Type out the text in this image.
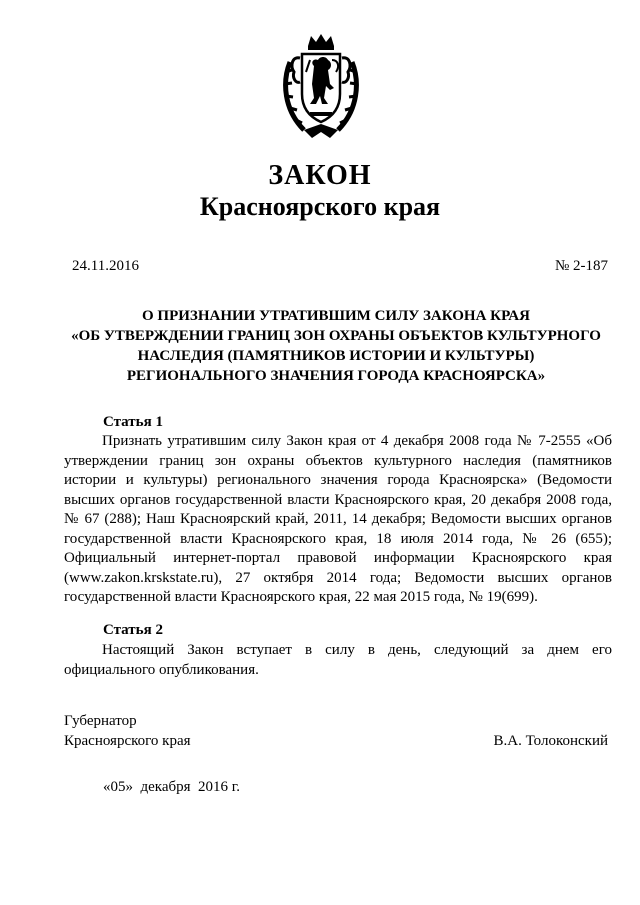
ЗАКОН
Красноярского края
24.11.2016	№ 2-187
О ПРИЗНАНИИ УТРАТИВШИМ СИЛУ ЗАКОНА КРАЯ
«ОБ УТВЕРЖДЕНИИ ГРАНИЦ ЗОН ОХРАНЫ ОБЪЕКТОВ КУЛЬТУРНОГО
НАСЛЕДИЯ (ПАМЯТНИКОВ ИСТОРИИ И КУЛЬТУРЫ)
РЕГИОНАЛЬНОГО ЗНАЧЕНИЯ ГОРОДА КРАСНОЯРСКА»
Статья 1

Признать утратившим силу Закон края от 4 декабря 2008 года № 7-2555 «Об утверждении границ зон охраны объектов культурного наследия (памятников истории и культуры) регионального значения города Красноярска» (Ведомости высших органов государственной власти Красноярского края, 20 декабря 2008 года, № 67 (288); Наш Красноярский край, 2011, 14 декабря; Ведомости высших органов государственной власти Красноярского края, 18 июля 2014 года, № 26 (655); Официальный интернет-портал правовой информации Красноярского края (www.zakon.krskstate.ru), 27 октября 2014 года; Ведомости высших органов государственной власти Красноярского края, 22 мая 2015 года, № 19(699).

Статья 2

Настоящий Закон вступает в силу в день, следующий за днем его официального опубликования.

Губернатор
Красноярского края	В.А. Толоконский
«05»  декабря  2016 г.
